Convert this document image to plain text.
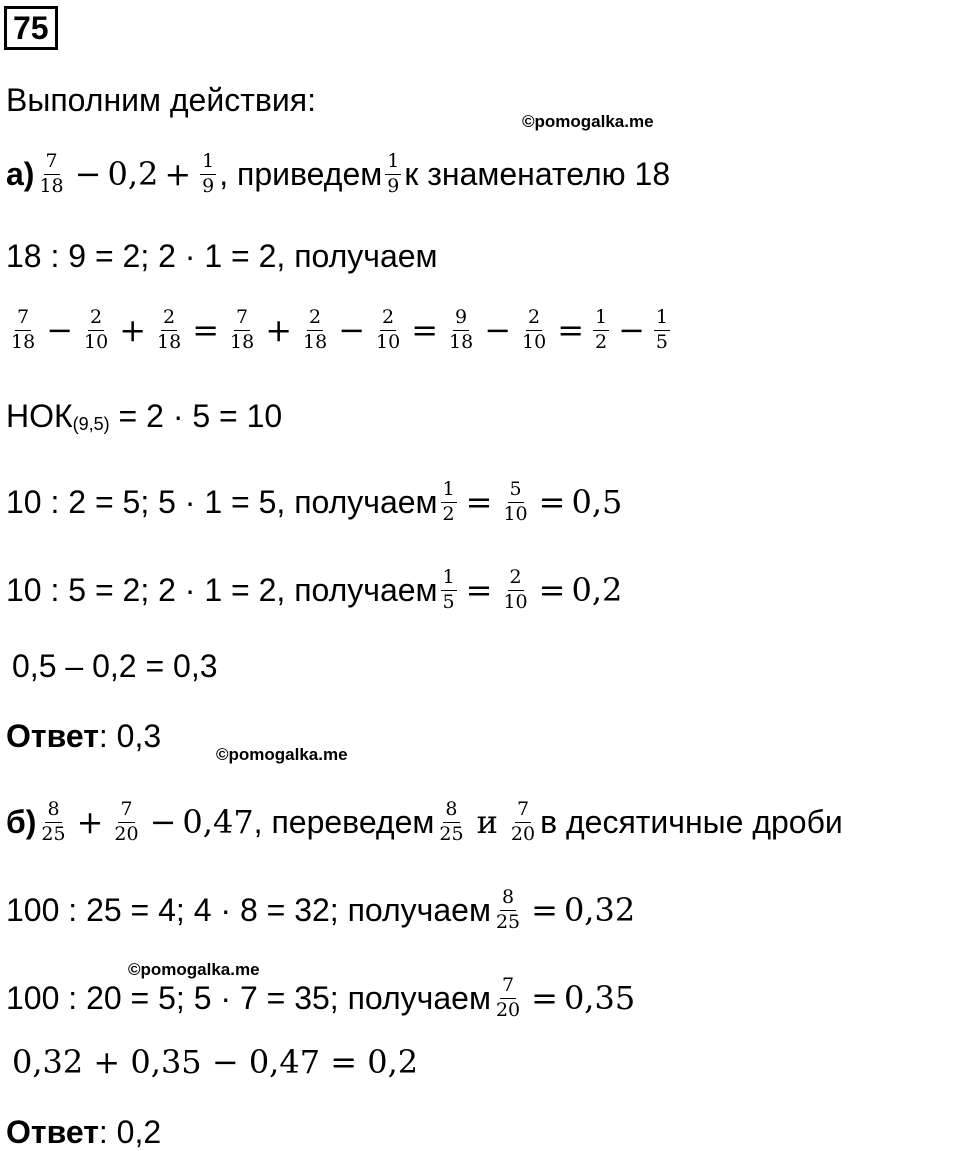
75
Выполним действия:
©pomogalka.me
$а) \frac{7}{18} - 0,2 + \frac{1}{9}$ , приведем $\frac{1}{9}$ к знаменателю 18
18 : 9 = 2; 2 · 1 = 2, получаем
$\frac{7}{18} - \frac{2}{10} + \frac{2}{18} = \frac{7}{18} + \frac{2}{18} - \frac{2}{10} = \frac{9}{18} - \frac{2}{10} = \frac{1}{2} - \frac{1}{5}$
НОК (9,5) = 2 · 5 = 10
10 : 2 = 5; 5 · 1 = 5, получаем $\frac{1}{2} = \frac{5}{10} = 0,5$
10 : 5 = 2; 2 · 1 = 2, получаем $\frac{1}{5} = \frac{2}{10} = 0,2$
0,5 – 0,2 = 0,3
Ответ : 0,3
©pomogalka.me
$б) \frac{8}{25} + \frac{7}{20} - 0,47$ , переведем $\frac{8}{25}$ и $\frac{7}{20}$ в десятичные дроби
100 : 25 = 4; 4 · 8 = 32; получаем $\frac{8}{25} = 0,32$
©pomogalka.me
100 : 20 = 5; 5 · 7 = 35; получаем $\frac{7}{20} = 0,35$
0,32 + 0,35 − 0,47 = 0,2
Ответ : 0,2
